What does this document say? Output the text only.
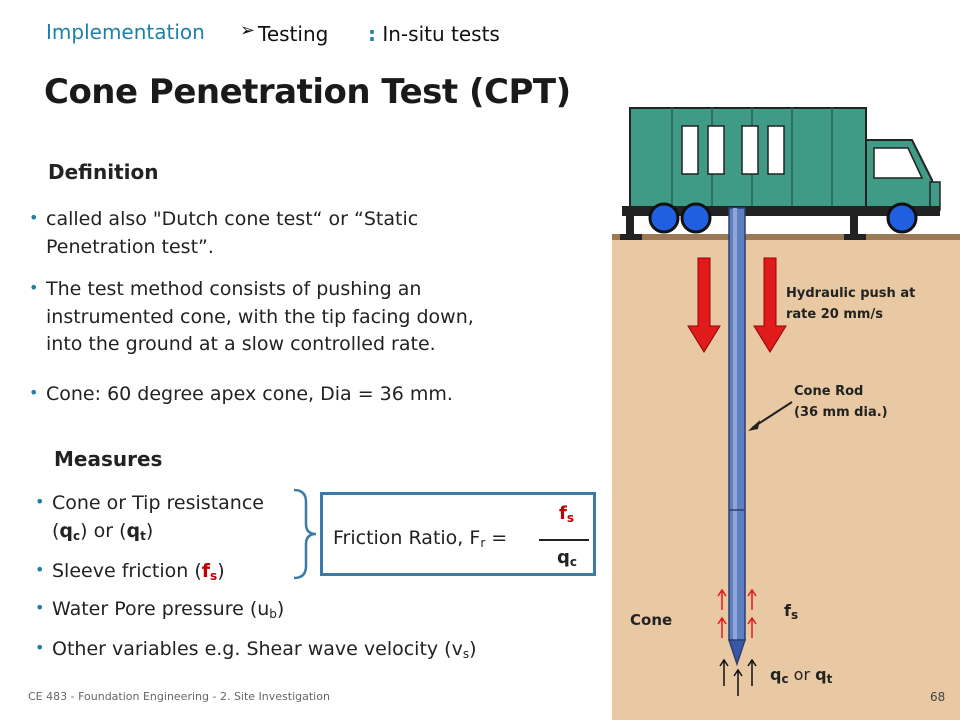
Implementation ➢ Testing : In-situ tests
Cone Penetration Test (CPT)
Definition
• called also "Dutch cone test“ or “Static
Penetration test”.
• The test method consists of pushing an
instrumented cone, with the tip facing down,
into the ground at a slow controlled rate.
• Cone: 60 degree apex cone, Dia = 36 mm.
Measures
• Cone or Tip resistance
$(q_c)$ or $(q_t)$
• Sleeve friction $(f_s)$
• Water Pore pressure $(u_b)$
• Other variables e.g. Shear wave velocity $(v_s)$
Friction Ratio, $F_r$ =
$f_s$
$q_c$
Hydraulic push at
rate 20 mm/s
Cone Rod
(36 mm dia.)
Cone	$f_s$
$q_c$ or $q_t$
CE 483 - Foundation Engineering - 2. Site Investigation	68
